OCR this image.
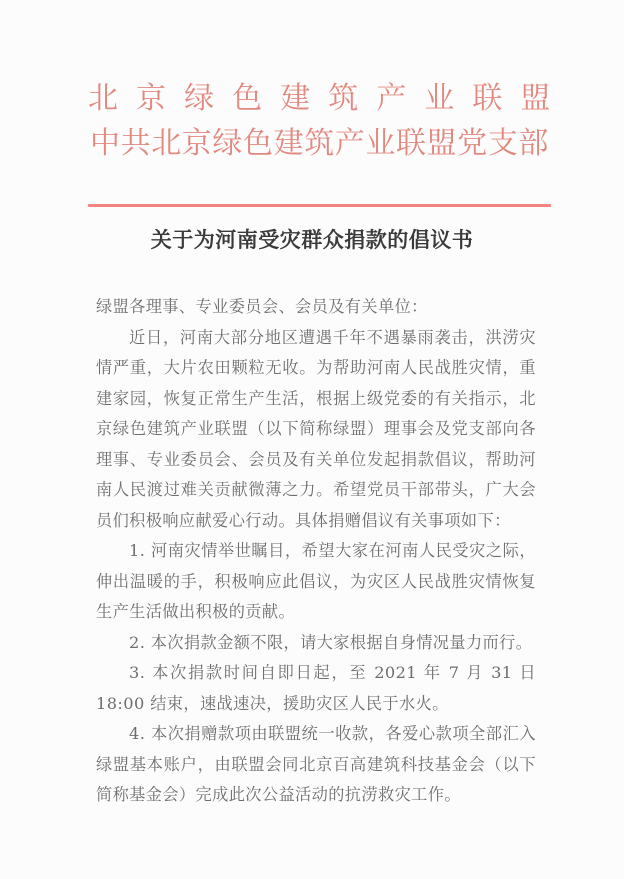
北 京 绿 色 建 筑 产 业 联 盟
中共北京绿色建筑产业联盟党支部
关于为河南受灾群众捐款的倡议书

绿盟各理事、专业委员会、会员及有关单位：

近日，河南大部分地区遭遇千年不遇暴雨袭击，洪涝灾情严重，大片农田颗粒无收。为帮助河南人民战胜灾情，重建家园，恢复正常生产生活，根据上级党委的有关指示，北京绿色建筑产业联盟（以下简称绿盟）理事会及党支部向各理事、专业委员会、会员及有关单位发起捐款倡议，帮助河南人民渡过难关贡献微薄之力。希望党员干部带头，广大会员们积极响应献爱心行动。具体捐赠倡议有关事项如下：

1. 河南灾情举世瞩目，希望大家在河南人民受灾之际，伸出温暖的手，积极响应此倡议，为灾区人民战胜灾情恢复生产生活做出积极的贡献。

2. 本次捐款金额不限，请大家根据自身情况量力而行。

3. 本次捐款时间自即日起，至 2021 年 7 月 31 日 18:00 结束，速战速决，援助灾区人民于水火。

4. 本次捐赠款项由联盟统一收款，各爱心款项全部汇入绿盟基本账户，由联盟会同北京百高建筑科技基金会（以下简称基金会）完成此次公益活动的抗涝救灾工作。
